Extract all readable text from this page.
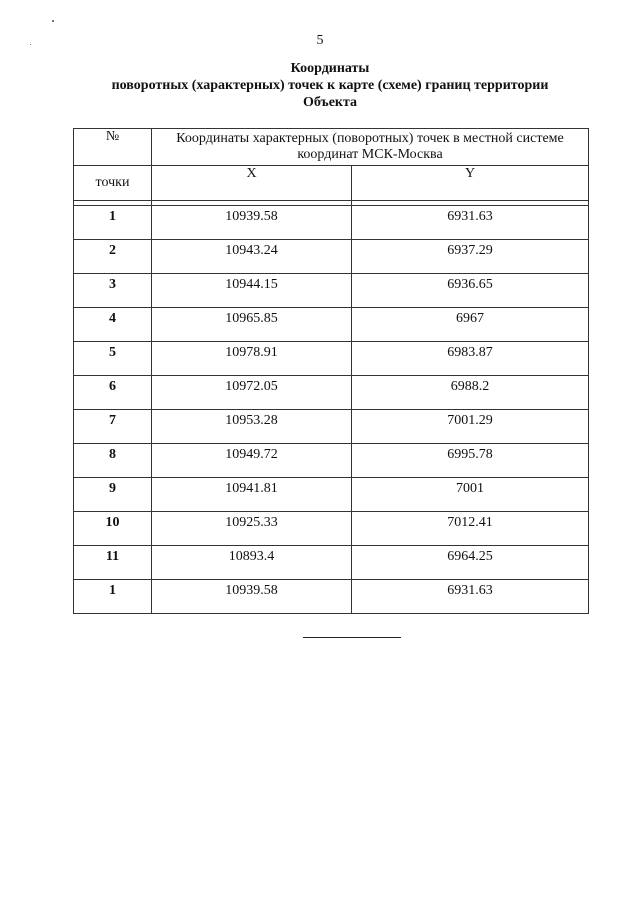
5
Координаты
поворотных (характерных) точек к карте (схеме) границ территории
Объекта
№	Координаты характерных (поворотных) точек в местной системе координат МСК-Москва	
точки	X	Y

1	10939.58	6931.63
2	10943.24	6937.29
3	10944.15	6936.65
4	10965.85	6967
5	10978.91	6983.87
6	10972.05	6988.2
7	10953.28	7001.29
8	10949.72	6995.78
9	10941.81	7001
10	10925.33	7012.41
11	10893.4	6964.25
1	10939.58	6931.63
